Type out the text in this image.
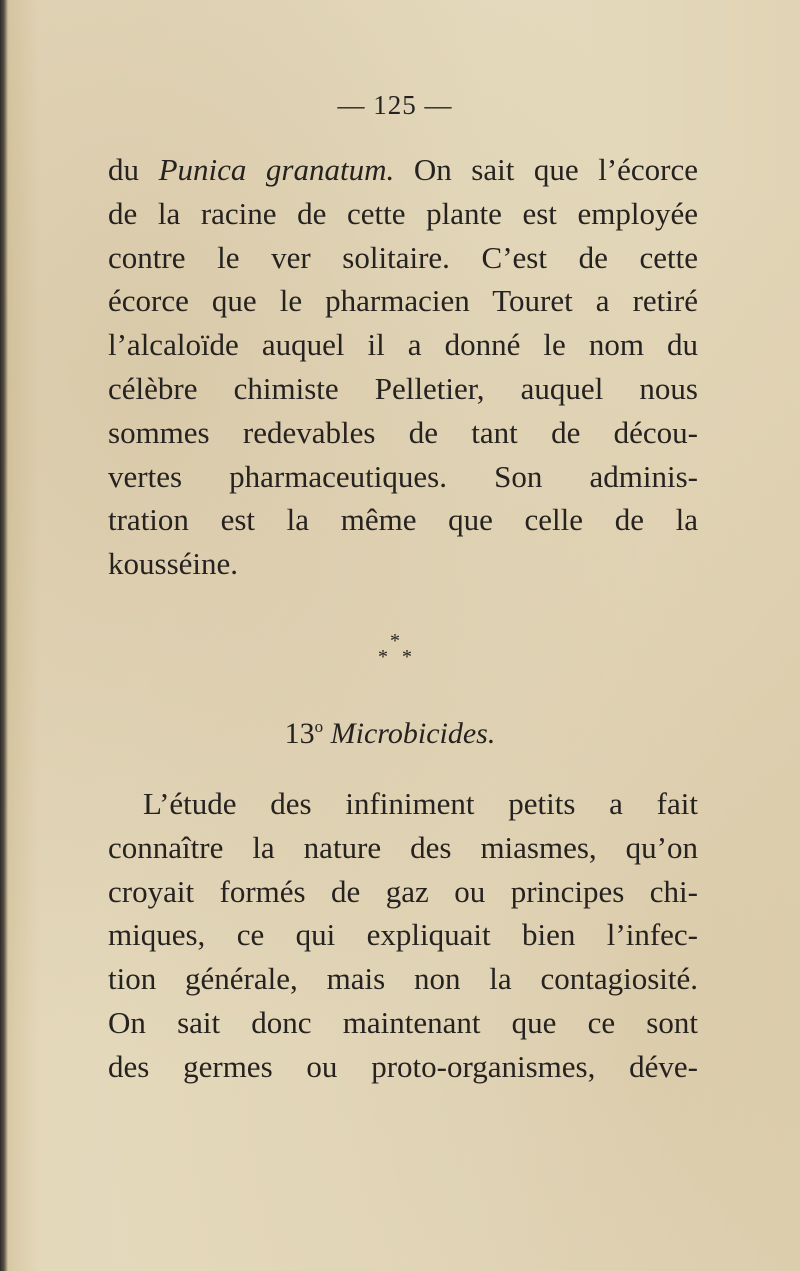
— 125 —
du Punica granatum. On sait que l’écorce
de la racine de cette plante est employée
contre le ver solitaire. C’est de cette
écorce que le pharmacien Touret a retiré
l’alcaloïde auquel il a donné le nom du
célèbre chimiste Pelletier, auquel nous
sommes redevables de tant de décou-
vertes pharmaceutiques. Son adminis-
tration est la même que celle de la
kousséine.
*
**
13$^o$ Microbicides.
L’étude des infiniment petits a fait
connaître la nature des miasmes, qu’on
croyait formés de gaz ou principes chi-
miques, ce qui expliquait bien l’infec-
tion générale, mais non la contagiosité.
On sait donc maintenant que ce sont
des germes ou proto-organismes, déve-
